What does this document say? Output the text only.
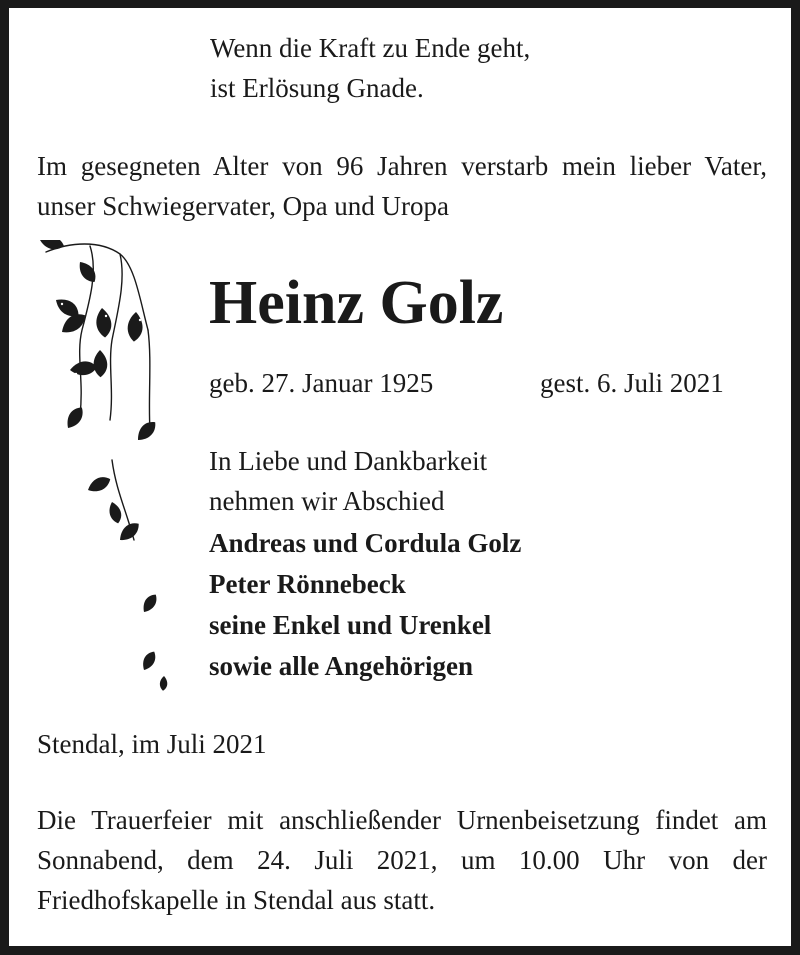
Wenn die Kraft zu Ende geht,

ist Erlösung Gnade.

Im gesegneten Alter von 96 Jahren verstarb mein lieber Vater, unser Schwiegervater, Opa und Uropa

Heinz Golz
geb. 27. Januar 1925	gest. 6. Juli 2021

In Liebe und Dankbarkeit

nehmen wir Abschied

Andreas und Cordula Golz

Peter Rönnebeck

seine Enkel und Urenkel

sowie alle Angehörigen

Stendal, im Juli 2021

Die Trauerfeier mit anschließender Urnenbeisetzung findet am Sonnabend, dem 24. Juli 2021, um 10.00 Uhr von der Friedhofskapelle in Stendal aus statt.
